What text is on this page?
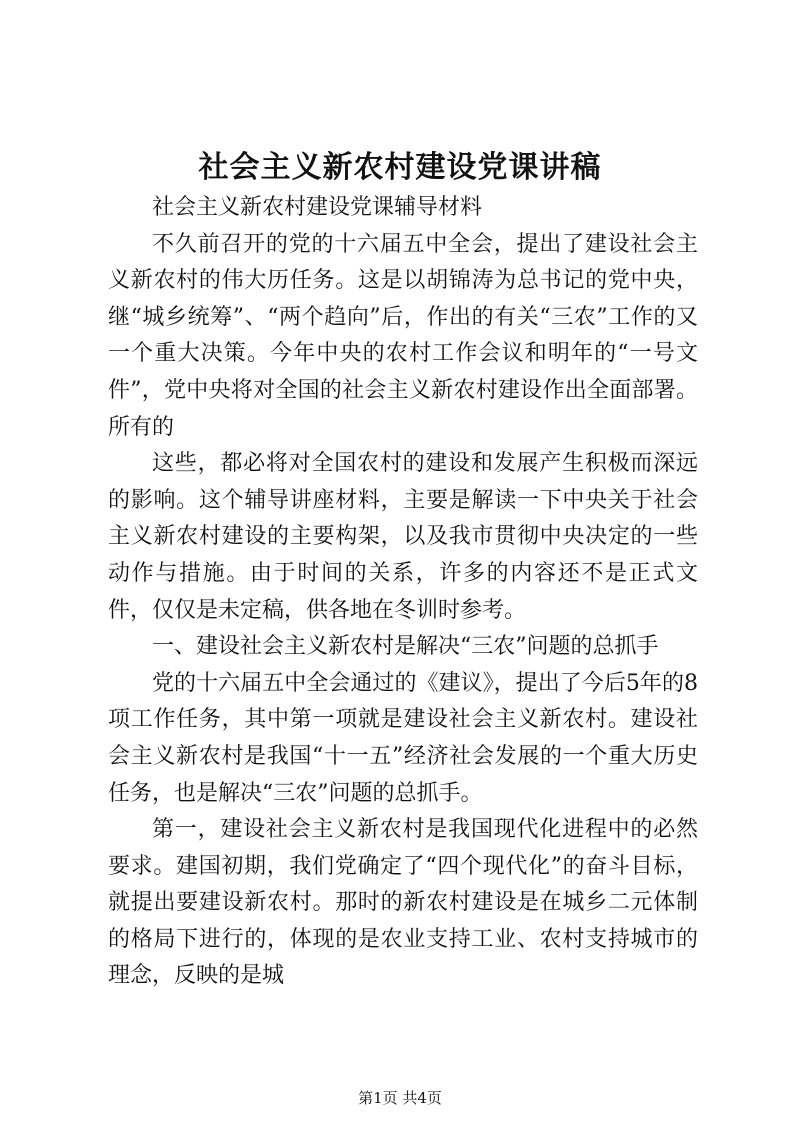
社会主义新农村建设党课讲稿

社会主义新农村建设党课辅导材料

不久前召开的党的十六届五中全会，提出了建设社会主义新农村的伟大历任务。这是以胡锦涛为总书记的党中央，继“城乡统筹”、“两个趋向”后，作出的有关“三农”工作的又一个重大决策。今年中央的农村工作会议和明年的“一号文件”，党中央将对全国的社会主义新农村建设作出全面部署。所有的

这些，都必将对全国农村的建设和发展产生积极而深远的影响。这个辅导讲座材料，主要是解读一下中央关于社会主义新农村建设的主要构架，以及我市贯彻中央决定的一些动作与措施。由于时间的关系，许多的内容还不是正式文件，仅仅是未定稿，供各地在冬训时参考。

一、建设社会主义新农村是解决“三农”问题的总抓手

党的十六届五中全会通过的《建议》，提出了今后5年的8项工作任务，其中第一项就是建设社会主义新农村。建设社会主义新农村是我国“十一五”经济社会发展的一个重大历史任务，也是解决“三农”问题的总抓手。

第一，建设社会主义新农村是我国现代化进程中的必然要求。建国初期，我们党确定了“四个现代化”的奋斗目标，就提出要建设新农村。那时的新农村建设是在城乡二元体制的格局下进行的，体现的是农业支持工业、农村支持城市的理念，反映的是城

第1页 共4页
